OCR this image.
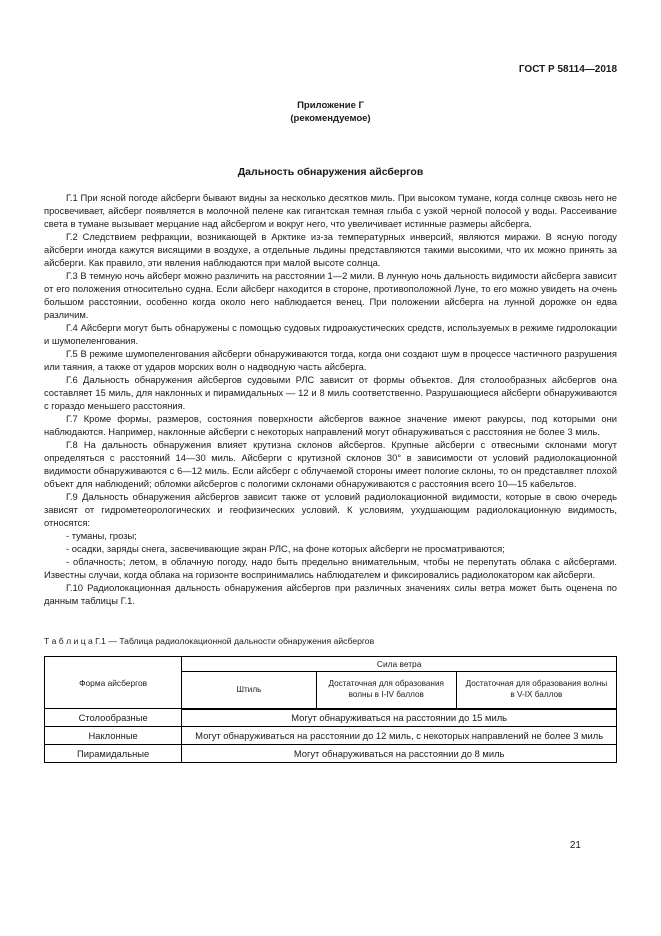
ГОСТ Р 58114—2018
Приложение Г
(рекомендуемое)
Дальность обнаружения айсбергов

Г.1 При ясной погоде айсберги бывают видны за несколько десятков миль. При высоком тумане, когда солнце сквозь него не просвечивает, айсберг появляется в молочной пелене как гигантская темная глыба с узкой черной полосой у воды. Рассеивание света в тумане вызывает мерцание над айсбергом и вокруг него, что увеличивает истинные размеры айсберга.

Г.2 Следствием рефракции, возникающей в Арктике из-за температурных инверсий, являются миражи. В ясную погоду айсберги иногда кажутся висящими в воздухе, а отдельные льдины представляются такими высокими, что их можно принять за айсберги. Как правило, эти явления наблюдаются при малой высоте солнца.

Г.3 В темную ночь айсберг можно различить на расстоянии 1—2 мили. В лунную ночь дальность видимости айсберга зависит от его положения относительно судна. Если айсберг находится в стороне, противоположной Луне, то его можно увидеть на очень большом расстоянии, особенно когда около него наблюдается венец. При положении айсберга на лунной дорожке он едва различим.

Г.4 Айсберги могут быть обнаружены с помощью судовых гидроакустических средств, используемых в режиме гидролокации и шумопеленгования.

Г.5 В режиме шумопеленгования айсберги обнаруживаются тогда, когда они создают шум в процессе частичного разрушения или таяния, а также от ударов морских волн о надводную часть айсберга.

Г.6 Дальность обнаружения айсбергов судовыми РЛС зависит от формы объектов. Для столообразных айсбергов она составляет 15 миль, для наклонных и пирамидальных — 12 и 8 миль соответственно. Разрушающиеся айсберги обнаруживаются с гораздо меньшего расстояния.

Г.7 Кроме формы, размеров, состояния поверхности айсбергов важное значение имеют ракурсы, под которыми они наблюдаются. Например, наклонные айсберги с некоторых направлений могут обнаруживаться с расстояния не более 3 миль.

Г.8 На дальность обнаружения влияет крутизна склонов айсбергов. Крупные айсберги с отвесными склонами могут определяться с расстояний 14—30 миль. Айсберги с крутизной склонов 30° в зависимости от условий радиолокационной видимости обнаруживаются с 6—12 миль. Если айсберг с облучаемой стороны имеет пологие склоны, то он представляет плохой объект для наблюдений; обломки айсбергов с пологими склонами обнаруживаются с расстояния всего 10—15 кабельтов.

Г.9 Дальность обнаружения айсбергов зависит также от условий радиолокационной видимости, которые в свою очередь зависят от гидрометеорологических и геофизических условий. К условиям, ухудшающим радиолокационную видимость, относятся:

- туманы, грозы;

- осадки, заряды снега, засвечивающие экран РЛС, на фоне которых айсберги не просматриваются;

- облачность; летом, в облачную погоду, надо быть предельно внимательным, чтобы не перепутать облака с айсбергами. Известны случаи, когда облака на горизонте воспринимались наблюдателем и фиксировались радиолокатором как айсберги.

Г.10 Радиолокационная дальность обнаружения айсбергов при различных значениях силы ветра может быть оценена по данным таблицы Г.1.

Т а б л и ц а Г.1 — Таблица радиолокационной дальности обнаружения айсбергов
Форма айсбергов	Сила ветра		
	Штиль	Достаточная для образования волны в I-IV баллов	Достаточная для образования волны в V-IX баллов
Столообразные	Могут обнаруживаться на расстоянии до 15 миль		
Наклонные	Могут обнаруживаться на расстоянии до 12 миль, с некоторых направлений не более 3 миль		
Пирамидальные	Могут обнаруживаться на расстоянии до 8 миль		
21
